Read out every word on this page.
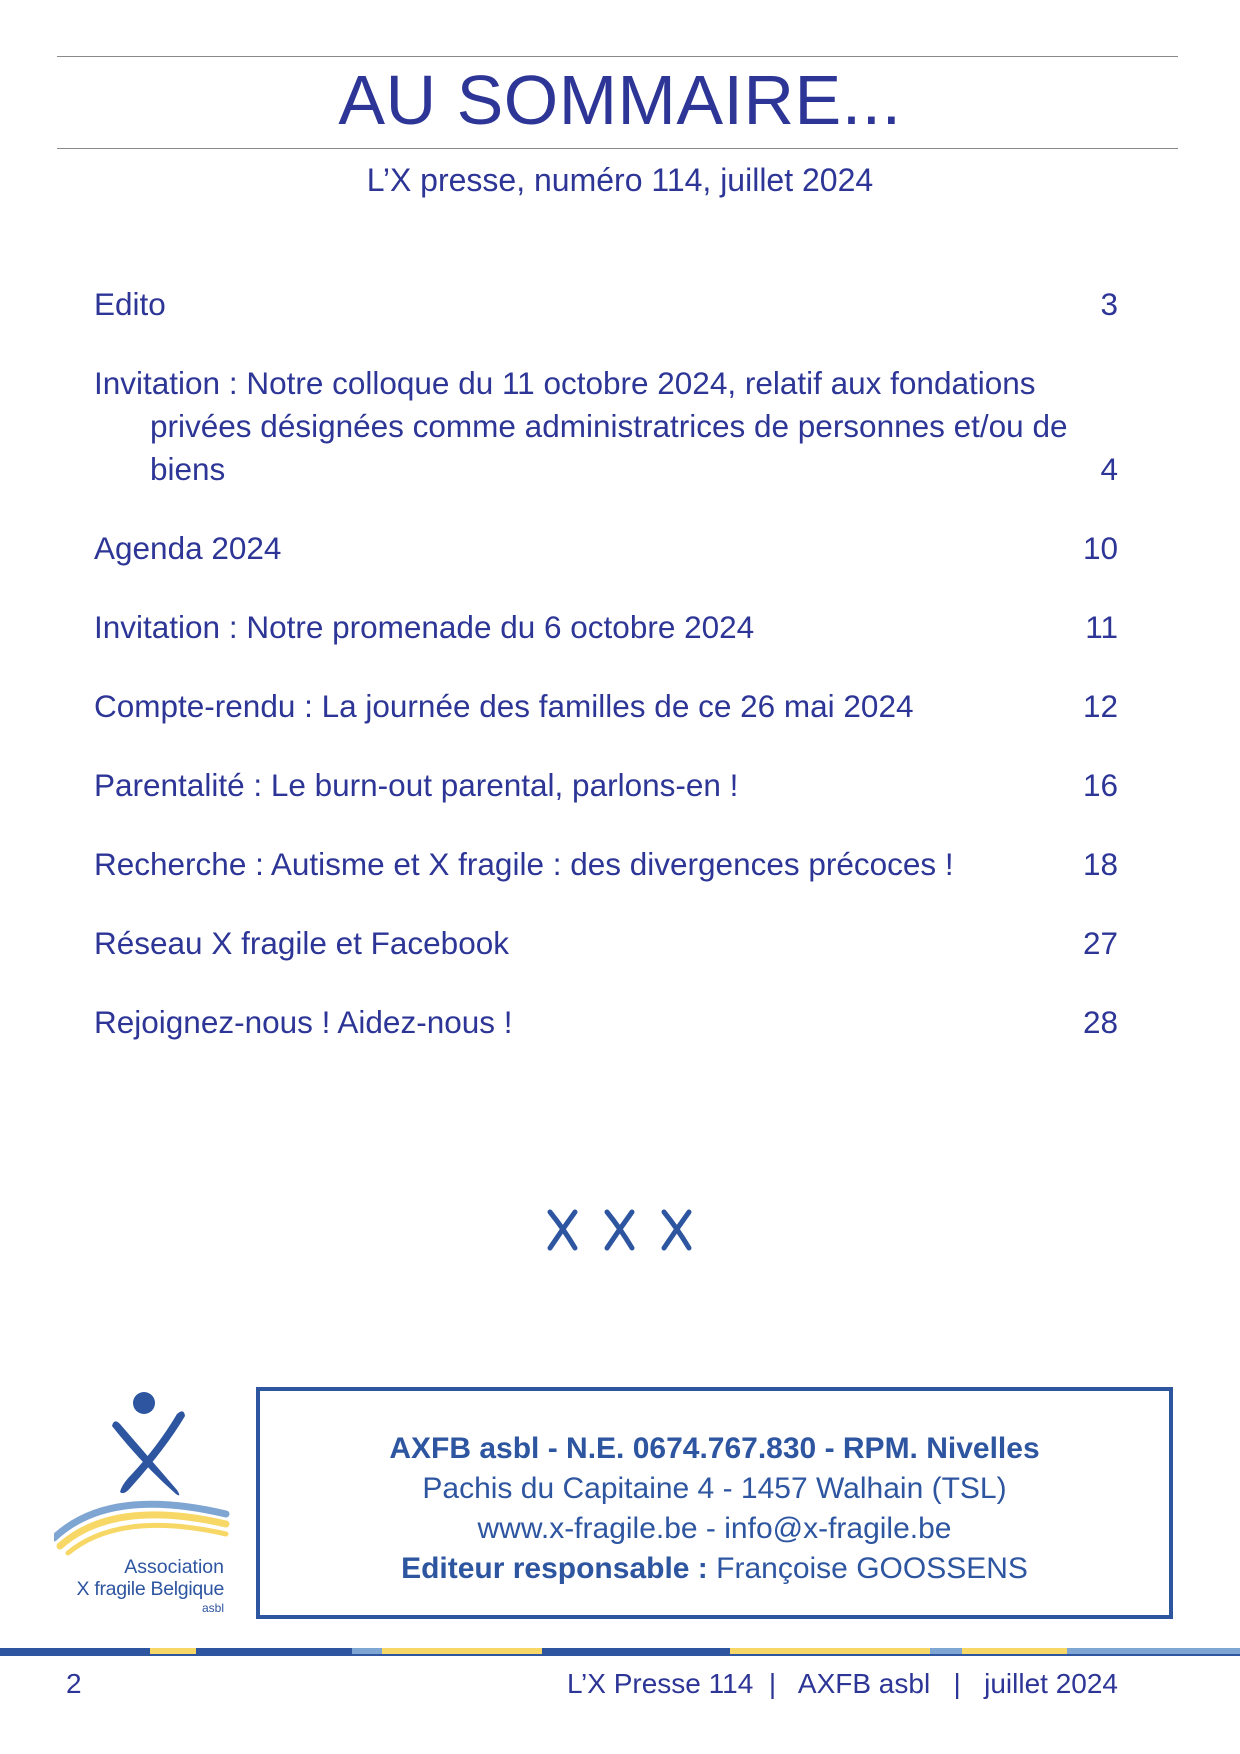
AU SOMMAIRE...
L’X presse, numéro 114, juillet 2024
Edito	3
Invitation : Notre colloque du 11 octobre 2024, relatif aux fondations privées désignées comme administratrices de personnes et/ou de biens	4
Agenda 2024	10
Invitation : Notre promenade du 6 octobre 2024	11
Compte-rendu : La journée des familles de ce 26 mai 2024	12
Parentalité : Le burn-out parental, parlons-en !	16
Recherche : Autisme et X fragile : des divergences précoces !	18
Réseau X fragile et Facebook	27
Rejoignez-nous ! Aidez-nous !	28
Association
X fragile Belgique
asbl
AXFB asbl - N.E. 0674.767.830 - RPM. Nivelles
Pachis du Capitaine 4 - 1457 Walhain (TSL)
www.x-fragile.be - info@x-fragile.be
Editeur responsable : Françoise GOOSSENS
2	L’X Presse 114  |   AXFB asbl   |   juillet 2024
